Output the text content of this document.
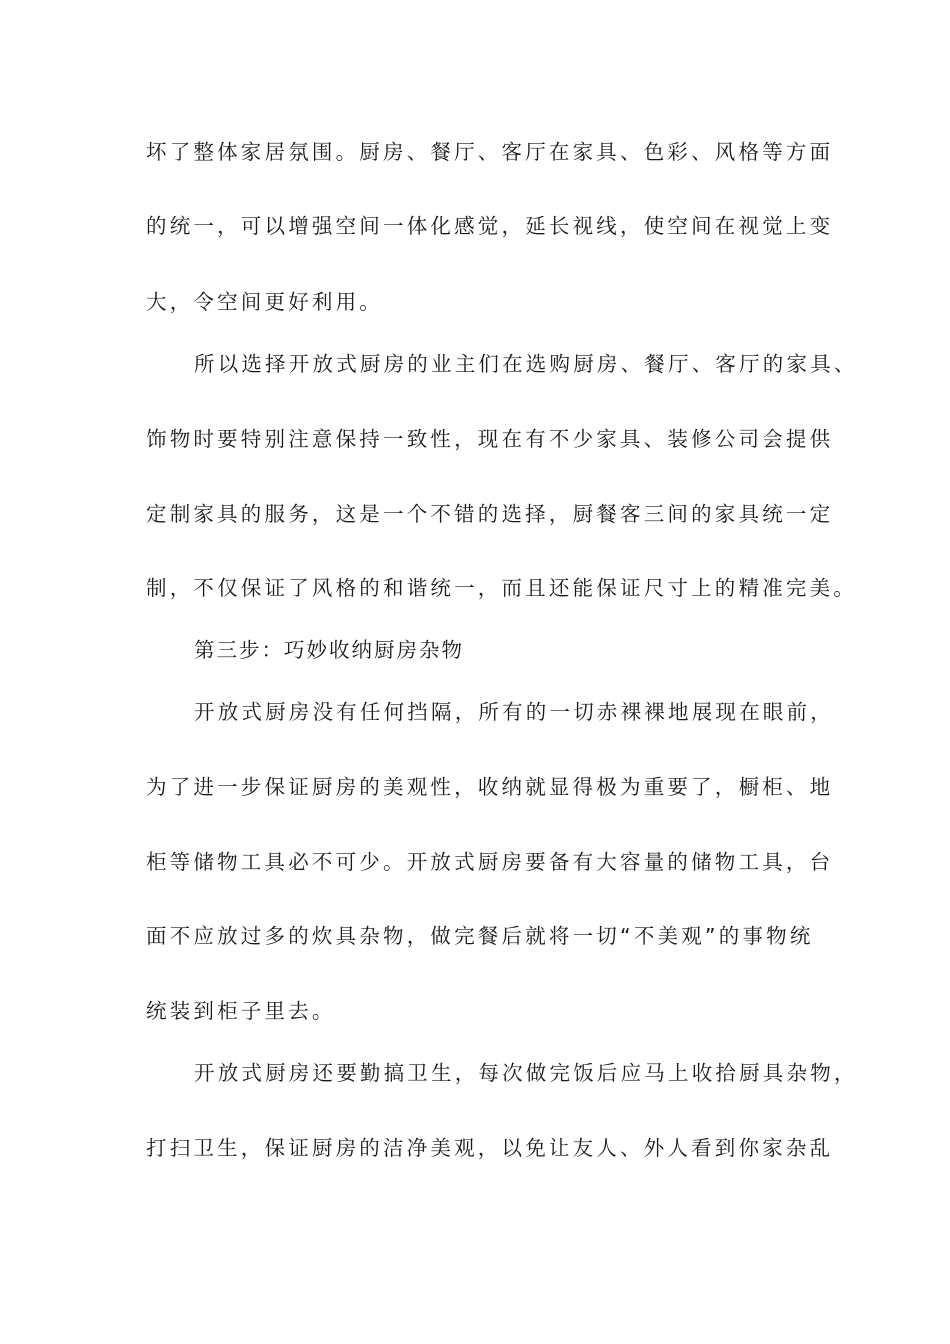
坏了整体家居氛围。厨房、餐厅、客厅在家具、色彩、风格等方面
的统一，可以增强空间一体化感觉，延长视线，使空间在视觉上变
大，令空间更好利用。
所以选择开放式厨房的业主们在选购厨房、餐厅、客厅的家具、
饰物时要特别注意保持一致性，现在有不少家具、装修公司会提供
定制家具的服务，这是一个不错的选择，厨餐客三间的家具统一定
制，不仅保证了风格的和谐统一，而且还能保证尺寸上的精准完美。
第三步：巧妙收纳厨房杂物
开放式厨房没有任何挡隔，所有的一切赤裸裸地展现在眼前，
为了进一步保证厨房的美观性，收纳就显得极为重要了，橱柜、地
柜等储物工具必不可少。开放式厨房要备有大容量的储物工具，台
面不应放过多的炊具杂物，做完餐后就将一切“不美观”的事物统
统装到柜子里去。
开放式厨房还要勤搞卫生，每次做完饭后应马上收拾厨具杂物，
打扫卫生，保证厨房的洁净美观，以免让友人、外人看到你家杂乱
